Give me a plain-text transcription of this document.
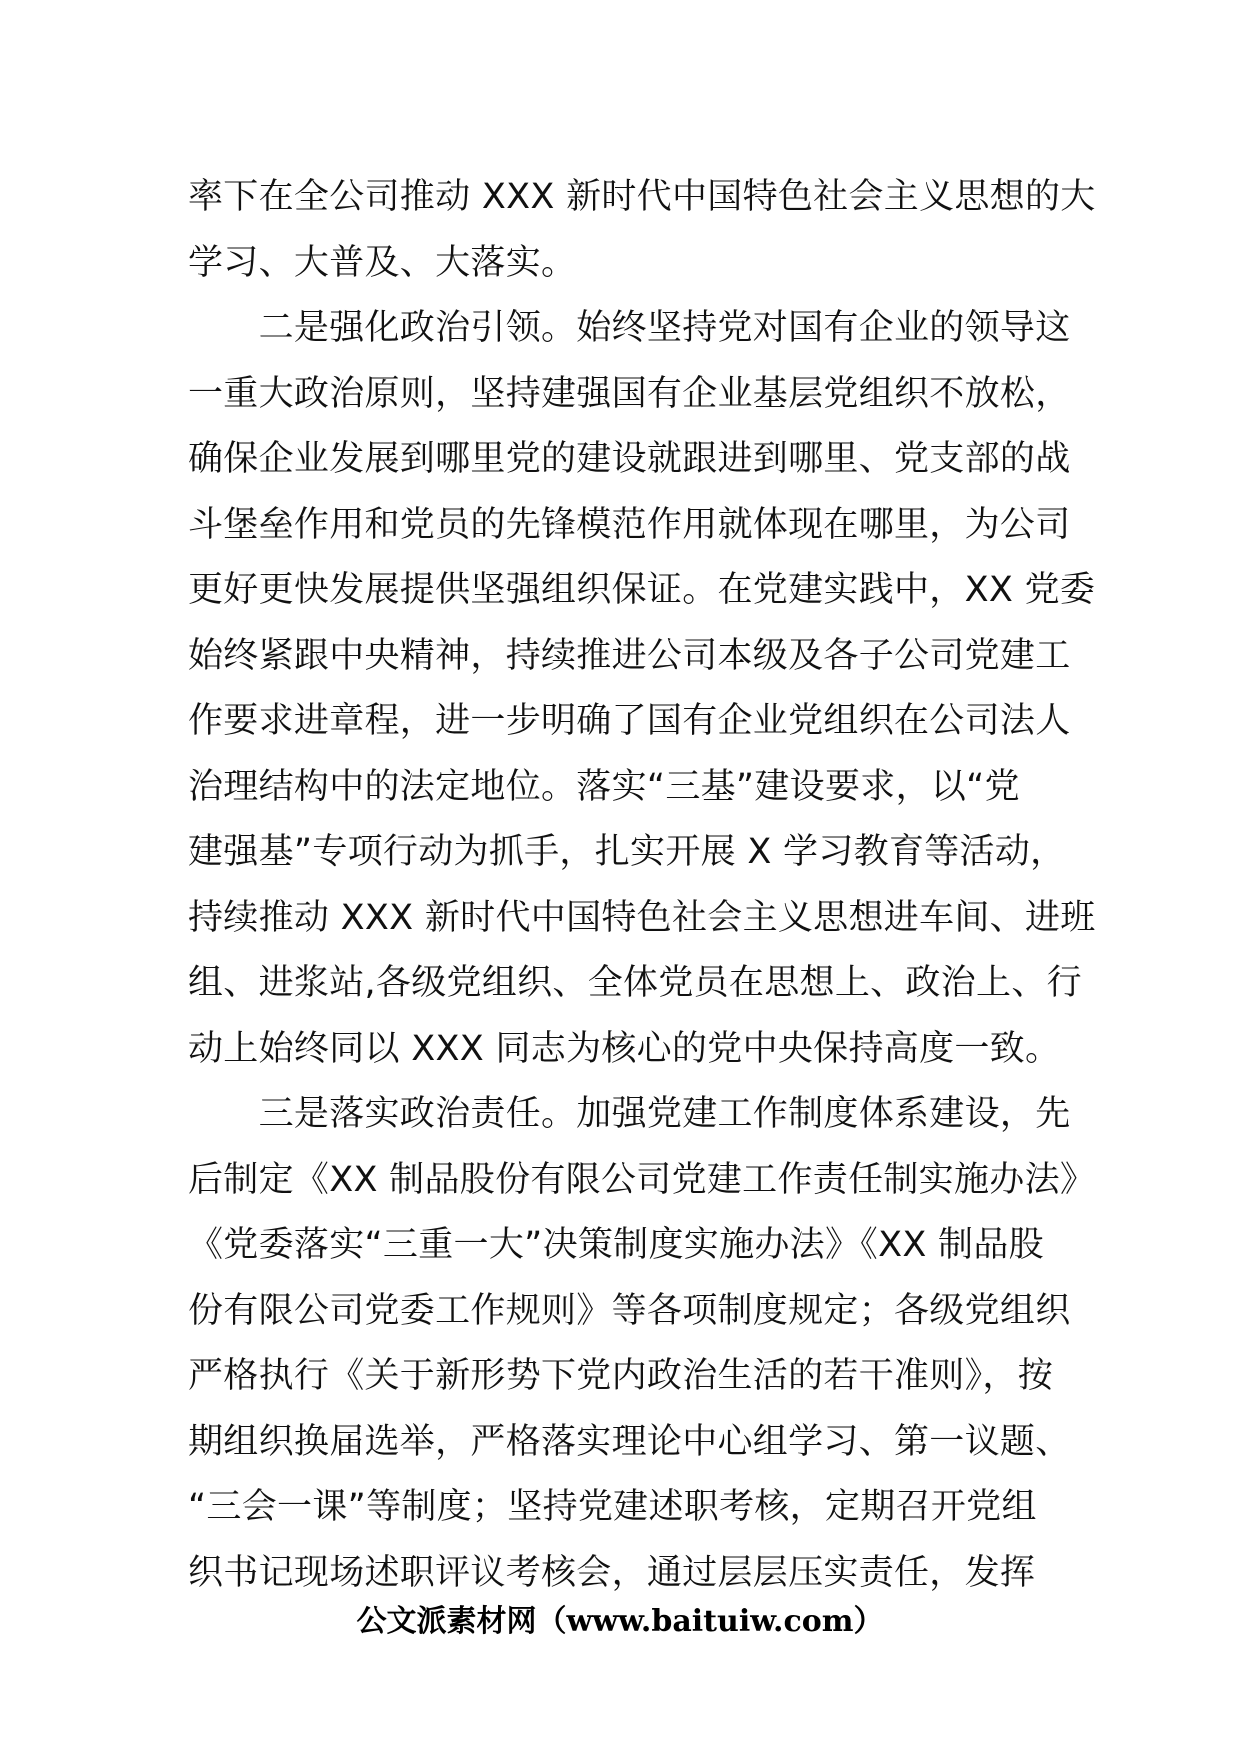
率下在全公司推动 XXX 新时代中国特色社会主义思想的大
学习、大普及、大落实。
　　二是强化政治引领。始终坚持党对国有企业的领导这
一重大政治原则，坚持建强国有企业基层党组织不放松，
确保企业发展到哪里党的建设就跟进到哪里、党支部的战
斗堡垒作用和党员的先锋模范作用就体现在哪里，为公司
更好更快发展提供坚强组织保证。在党建实践中，XX 党委
始终紧跟中央精神，持续推进公司本级及各子公司党建工
作要求进章程，进一步明确了国有企业党组织在公司法人
治理结构中的法定地位。落实“三基”建设要求，以“党
建强基”专项行动为抓手，扎实开展 X 学习教育等活动，
持续推动 XXX 新时代中国特色社会主义思想进车间、进班
组、进浆站,各级党组织、全体党员在思想上、政治上、行
动上始终同以 XXX 同志为核心的党中央保持高度一致。
　　三是落实政治责任。加强党建工作制度体系建设，先
后制定《XX 制品股份有限公司党建工作责任制实施办法》
《党委落实“三重一大”决策制度实施办法》《XX 制品股
份有限公司党委工作规则》等各项制度规定；各级党组织
严格执行《关于新形势下党内政治生活的若干准则》，按
期组织换届选举，严格落实理论中心组学习、第一议题、
“三会一课”等制度；坚持党建述职考核，定期召开党组
织书记现场述职评议考核会，通过层层压实责任，发挥
公文派素材网（www.baituiw.com）
